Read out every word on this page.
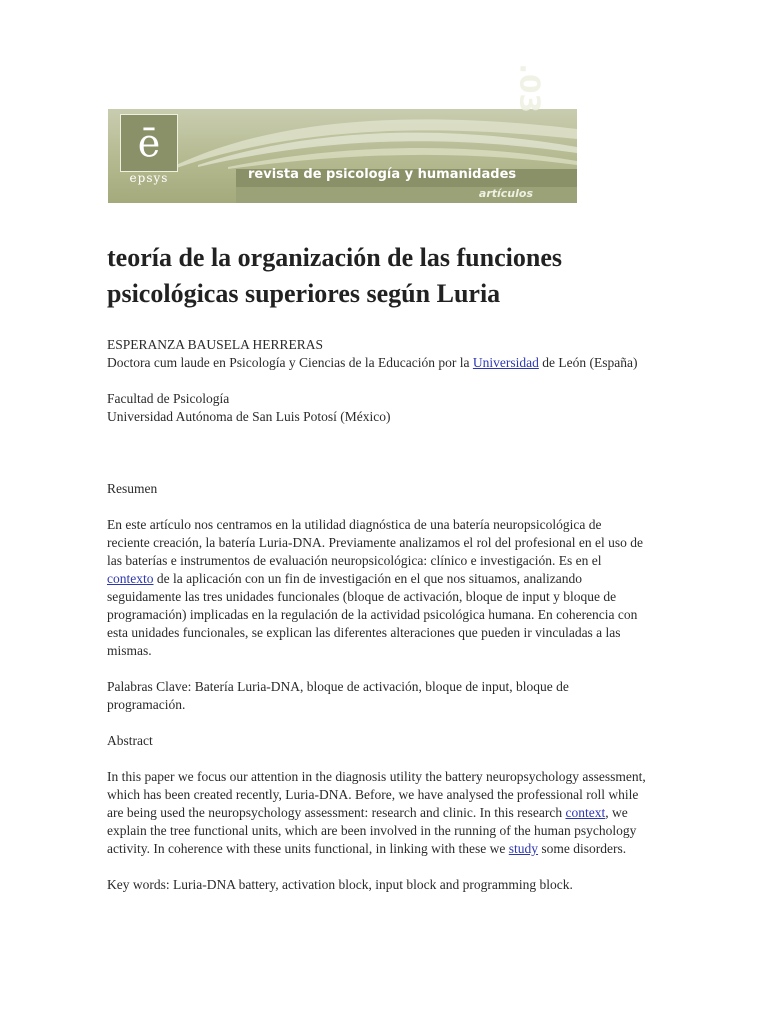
ē
epsys	revista de psicología y humanidades
artículos
.03
teoría de la organización de las funciones psicológicas superiores según Luria
ESPERANZA BAUSELA HERRERAS
Doctora cum laude en Psicología y Ciencias de la Educación por la Universidad de León (España)
Facultad de Psicología
Universidad Autónoma de San Luis Potosí (México)

Resumen

En este artículo nos centramos en la utilidad diagnóstica de una batería neuropsicológica de reciente creación, la batería Luria-DNA. Previamente analizamos el rol del profesional en el uso de las baterías e instrumentos de evaluación neuropsicológica: clínico e investigación. Es en el contexto de la aplicación con un fin de investigación en el que nos situamos, analizando seguidamente las tres unidades funcionales (bloque de activación, bloque de input y bloque de programación) implicadas en la regulación de la actividad psicológica humana. En coherencia con esta unidades funcionales, se explican las diferentes alteraciones que pueden ir vinculadas a las mismas.

Palabras Clave: Batería Luria-DNA, bloque de activación, bloque de input, bloque de programación.

Abstract

In this paper we focus our attention in the diagnosis utility the battery neuropsychology assessment, which has been created recently, Luria-DNA. Before, we have analysed the professional roll while are being used the neuropsychology assessment: research and clinic. In this research context, we explain the tree functional units, which are been involved in the running of the human psychology activity. In coherence with these units functional, in linking with these we study some disorders.

Key words: Luria-DNA battery, activation block, input block and programming block.
